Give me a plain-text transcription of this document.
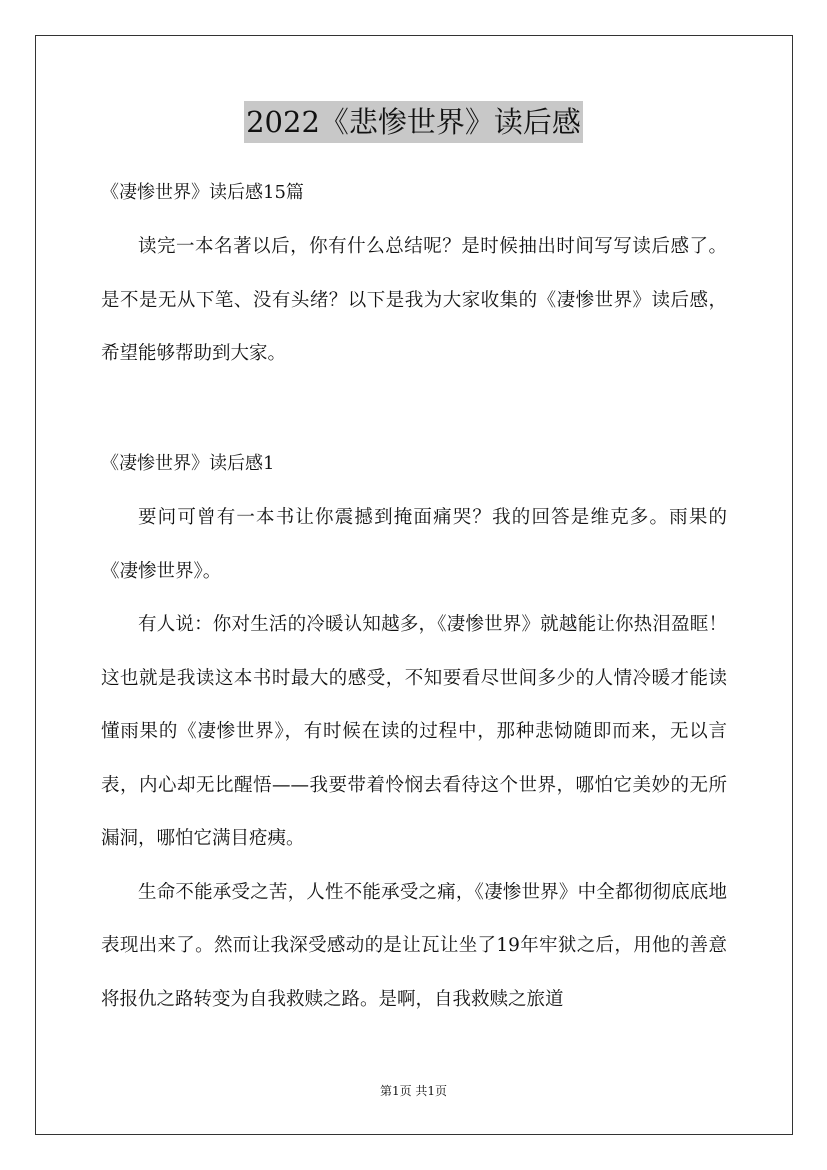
2022《悲惨世界》读后感
《凄惨世界》读后感15篇

读完一本名著以后，你有什么总结呢？是时候抽出时间写写读后感了。是不是无从下笔、没有头绪？以下是我为大家收集的《凄惨世界》读后感，希望能够帮助到大家。

《凄惨世界》读后感1

要问可曾有一本书让你震撼到掩面痛哭？我的回答是维克多。雨果的《凄惨世界》。

有人说：你对生活的冷暖认知越多，《凄惨世界》就越能让你热泪盈眶！这也就是我读这本书时最大的感受，不知要看尽世间多少的人情冷暖才能读懂雨果的《凄惨世界》，有时候在读的过程中，那种悲恸随即而来，无以言表，内心却无比醒悟——我要带着怜悯去看待这个世界，哪怕它美妙的无所漏洞，哪怕它满目疮痍。

生命不能承受之苦，人性不能承受之痛，《凄惨世界》中全都彻彻底底地表现出来了。然而让我深受感动的是让瓦让坐了19年牢狱之后，用他的善意将报仇之路转变为自我救赎之路。是啊，自我救赎之旅道

第1页 共1页
